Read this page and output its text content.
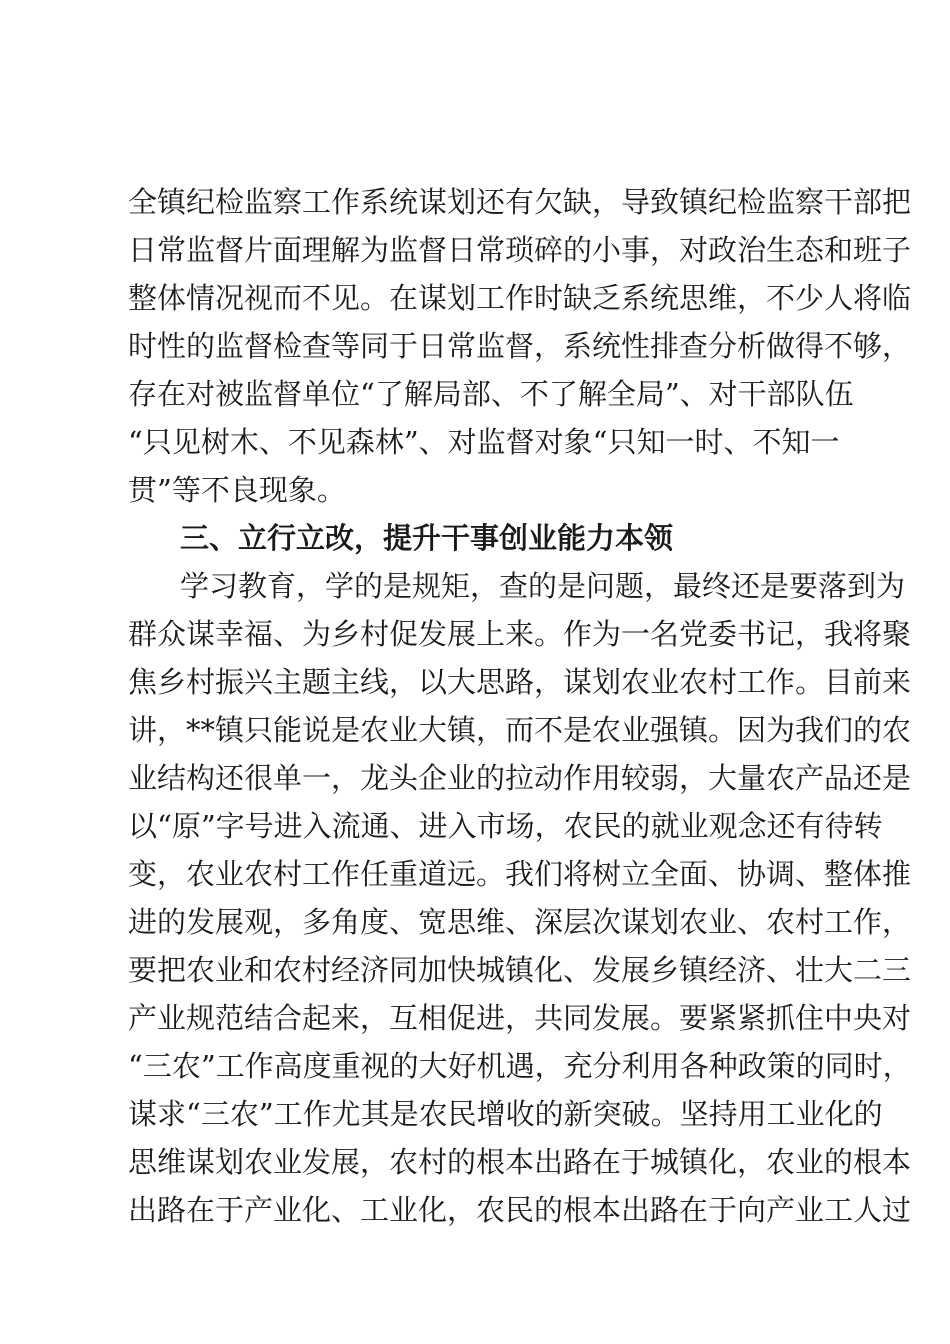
全镇纪检监察工作系统谋划还有欠缺，导致镇纪检监察干部把
日常监督片面理解为监督日常琐碎的小事，对政治生态和班子
整体情况视而不见。在谋划工作时缺乏系统思维，不少人将临
时性的监督检查等同于日常监督，系统性排查分析做得不够，
存在对被监督单位“了解局部、不了解全局”、对干部队伍
“只见树木、不见森林”、对监督对象“只知一时、不知一
贯”等不良现象。
三、立行立改，提升干事创业能力本领
学习教育，学的是规矩，查的是问题，最终还是要落到为
群众谋幸福、为乡村促发展上来。作为一名党委书记，我将聚
焦乡村振兴主题主线，以大思路，谋划农业农村工作。目前来
讲，**镇只能说是农业大镇，而不是农业强镇。因为我们的农
业结构还很单一，龙头企业的拉动作用较弱，大量农产品还是
以“原”字号进入流通、进入市场，农民的就业观念还有待转
变，农业农村工作任重道远。我们将树立全面、协调、整体推
进的发展观，多角度、宽思维、深层次谋划农业、农村工作，
要把农业和农村经济同加快城镇化、发展乡镇经济、壮大二三
产业规范结合起来，互相促进，共同发展。要紧紧抓住中央对
“三农”工作高度重视的大好机遇，充分利用各种政策的同时，
谋求“三农”工作尤其是农民增收的新突破。坚持用工业化的
思维谋划农业发展，农村的根本出路在于城镇化，农业的根本
出路在于产业化、工业化，农民的根本出路在于向产业工人过
